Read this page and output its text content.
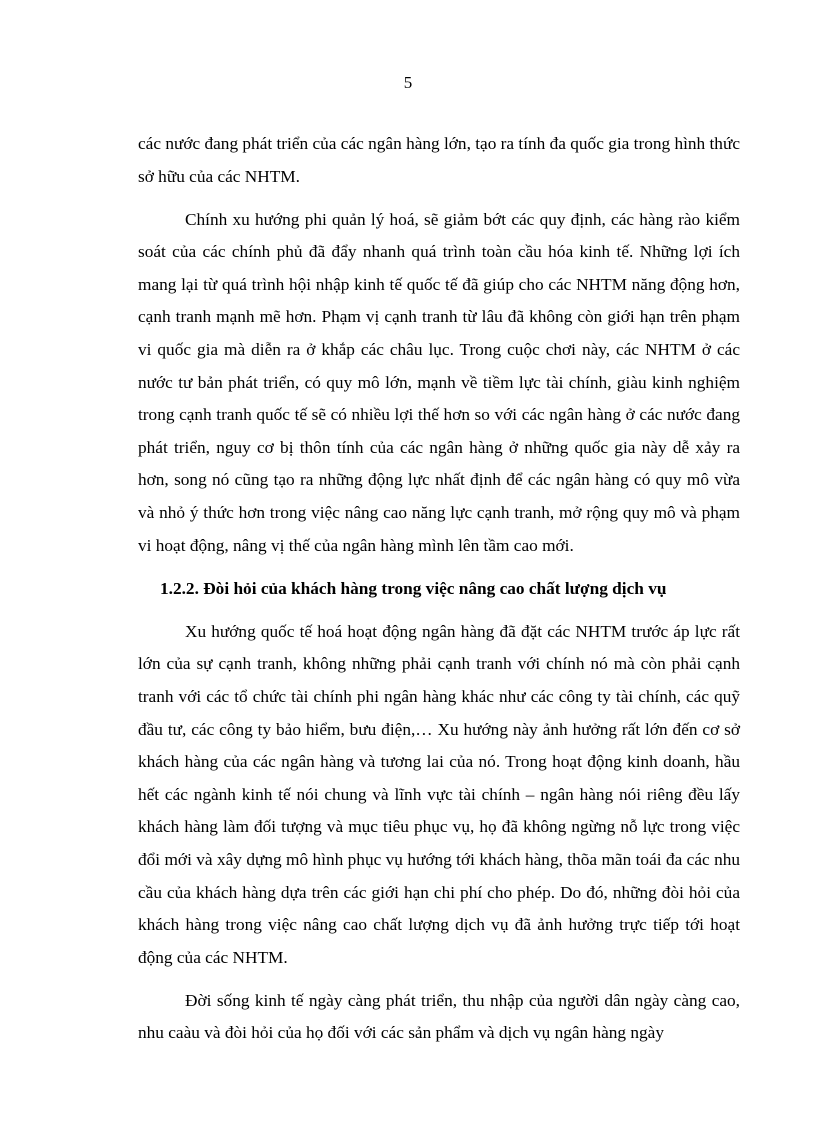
5

các nước đang phát triển của các ngân hàng lớn, tạo ra tính đa quốc gia trong hình thức sở hữu của các NHTM.

Chính xu hướng phi quản lý hoá, sẽ giảm bớt các quy định, các hàng rào kiểm soát của các chính phủ đã đẩy nhanh quá trình toàn cầu hóa kinh tế. Những lợi ích mang lại từ quá trình hội nhập kinh tế quốc tế đã giúp cho các NHTM năng động hơn, cạnh tranh mạnh mẽ hơn. Phạm vị cạnh tranh từ lâu đã không còn giới hạn trên phạm vi quốc gia mà diễn ra ở khắp các châu lục. Trong cuộc chơi này, các NHTM ở các nước tư bản phát triển, có quy mô lớn, mạnh về tiềm lực tài chính, giàu kinh nghiệm trong cạnh tranh quốc tế sẽ có nhiều lợi thế hơn so với các ngân hàng ở các nước đang phát triển, nguy cơ bị thôn tính của các ngân hàng ở những quốc gia này dễ xảy ra hơn, song nó cũng tạo ra những động lực nhất định để các ngân hàng có quy mô vừa và nhỏ ý thức hơn trong việc nâng cao năng lực cạnh tranh, mở rộng quy mô và phạm vi hoạt động, nâng vị thế của ngân hàng mình lên tầm cao mới.

1.2.2. Đòi hỏi của khách hàng trong việc nâng cao chất lượng dịch vụ

Xu hướng quốc tế hoá hoạt động ngân hàng đã đặt các NHTM trước áp lực rất lớn của sự cạnh tranh, không những phải cạnh tranh với chính nó mà còn phải cạnh tranh với các tổ chức tài chính phi ngân hàng khác như các công ty tài chính, các quỹ đầu tư, các công ty bảo hiểm, bưu điện,… Xu hướng này ảnh hưởng rất lớn đến cơ sở khách hàng của các ngân hàng và tương lai của nó. Trong hoạt động kinh doanh, hầu hết các ngành kinh tế nói chung và lĩnh vực tài chính – ngân hàng nói riêng đều lấy khách hàng làm đối tượng và mục tiêu phục vụ, họ đã không ngừng nỗ lực trong việc đổi mới và xây dựng mô hình phục vụ hướng tới khách hàng, thõa mãn toái đa các nhu cầu của khách hàng dựa trên các giới hạn chi phí cho phép. Do đó, những đòi hỏi của khách hàng trong việc nâng cao chất lượng dịch vụ đã ảnh hưởng trực tiếp tới hoạt động của các NHTM.

Đời sống kinh tế ngày càng phát triển, thu nhập của người dân ngày càng cao, nhu caàu và đòi hỏi của họ đối với các sản phẩm và dịch vụ ngân hàng ngày
